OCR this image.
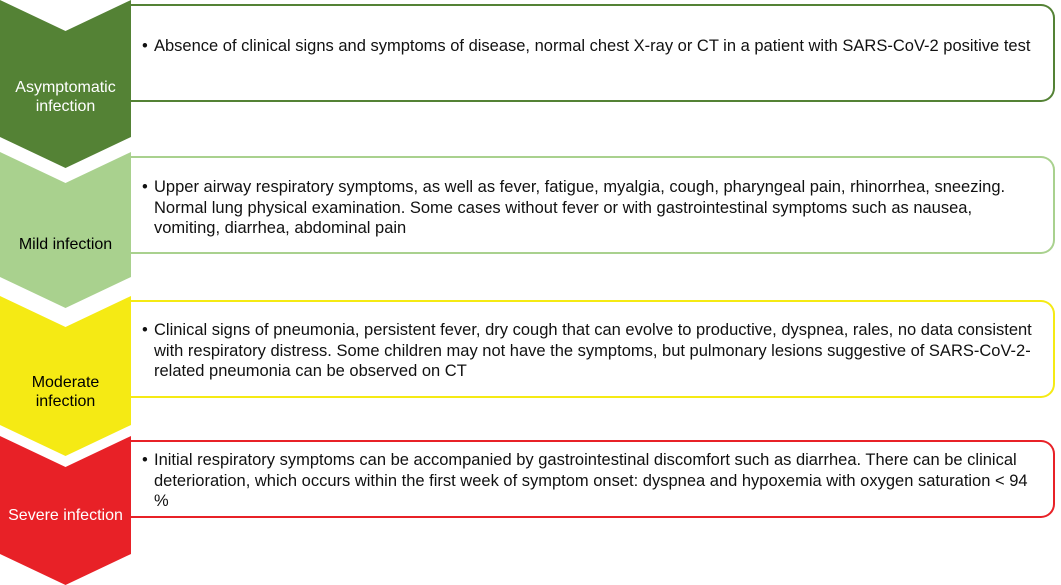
• Absence of clinical signs and symptoms of disease, normal chest X-ray or CT in a patient with SARS-CoV-2 positive test
Asymptomatic infection
• Upper airway respiratory symptoms, as well as fever, fatigue, myalgia, cough, pharyngeal pain, rhinorrhea, sneezing. Normal lung physical examination. Some cases without fever or with gastrointestinal symptoms such as nausea, vomiting, diarrhea, abdominal pain
Mild infection
• Clinical signs of pneumonia, persistent fever, dry cough that can evolve to productive, dyspnea, rales, no data consistent with respiratory distress. Some children may not have the symptoms, but pulmonary lesions suggestive of SARS-CoV-2-related pneumonia can be observed on CT
Moderate infection
• Initial respiratory symptoms can be accompanied by gastrointestinal discomfort such as diarrhea. There can be clinical deterioration, which occurs within the first week of symptom onset: dyspnea and hypoxemia with oxygen saturation < 94 %
Severe infection
